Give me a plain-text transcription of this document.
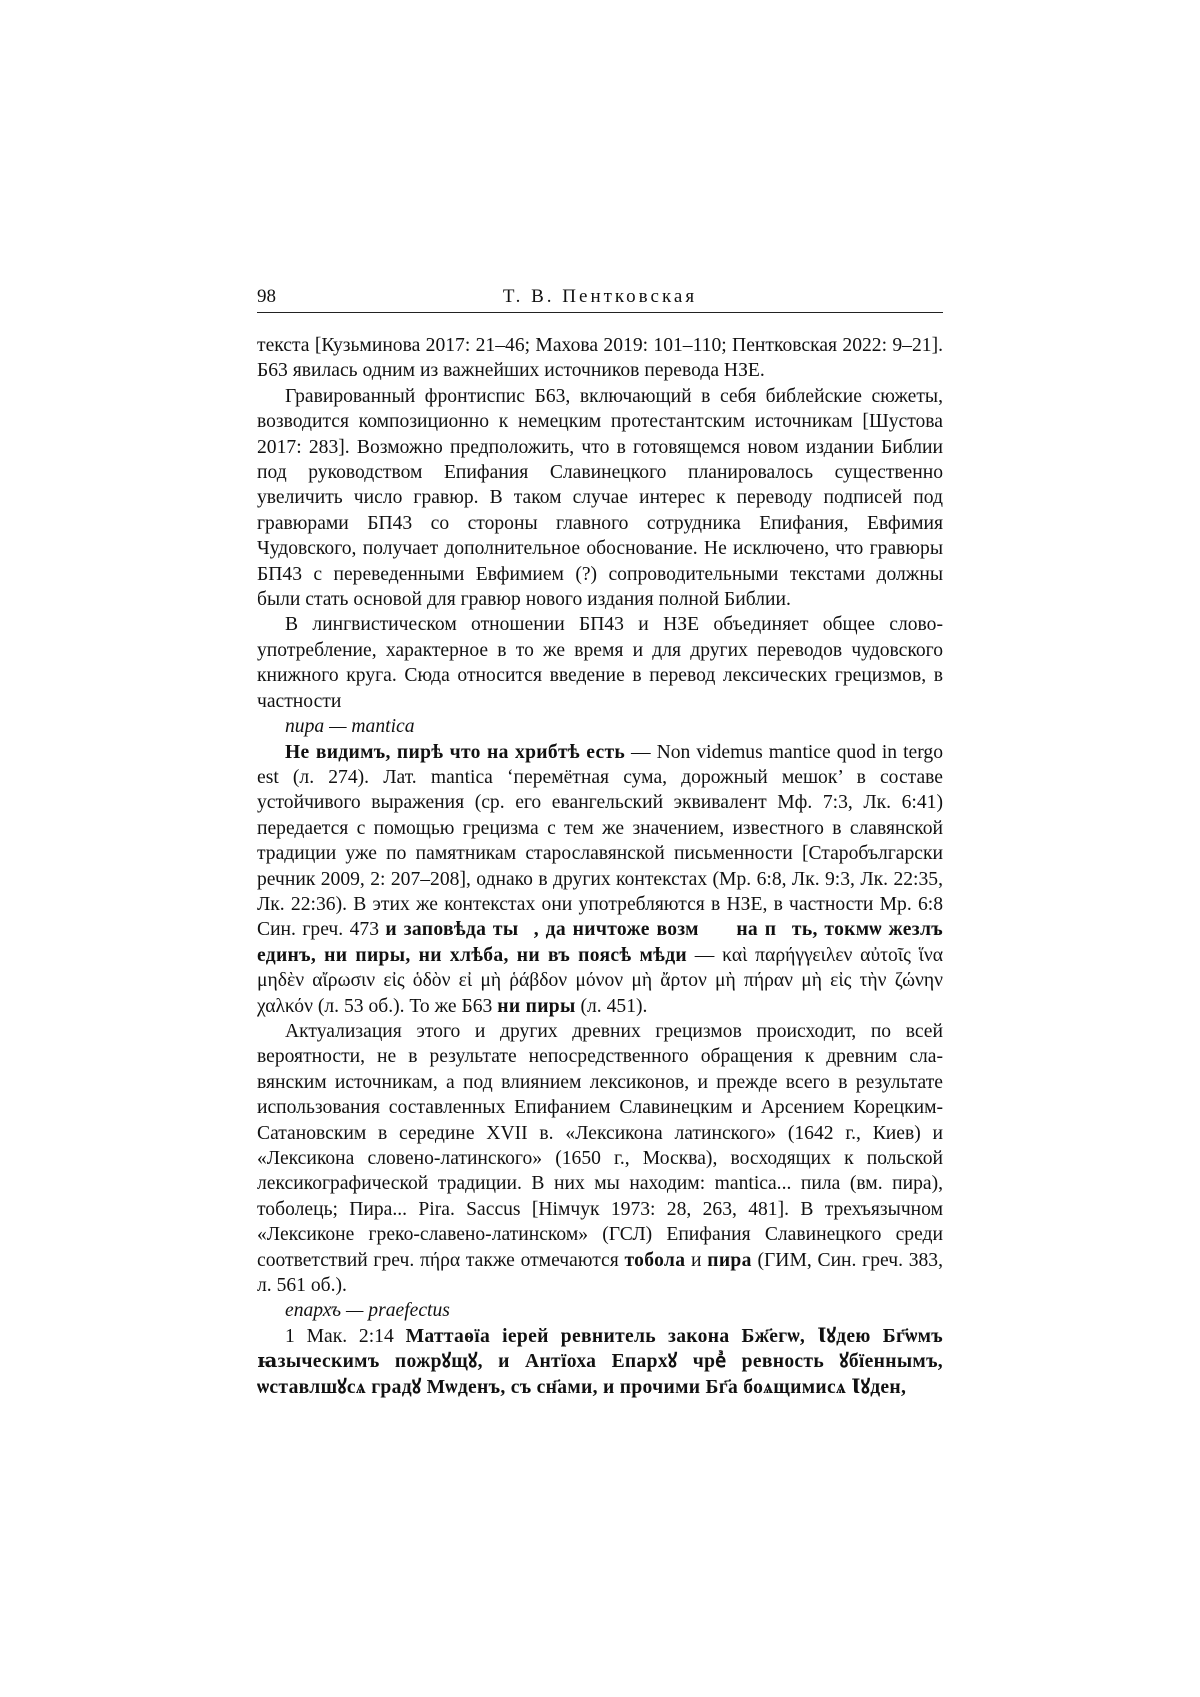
98	Т. В. Пентковская

текста [Кузьминова 2017: 21–46; Махова 2019: 101–110; Пентковская 2022: 9–21]. Б63 явилась одним из важнейших источников перевода НЗЕ.

Гравированный фронтиспис Б63, включающий в себя библейские сюжеты, возводится композиционно к немецким протестантским источникам [Шустова 2017: 283]. Возможно предположить, что в готовящемся новом издании Библии под руководством Епифания Славинецкого планировалось существенно увеличить число гравюр. В таком случае интерес к переводу подписей под гравюрами БП43 со стороны главного сотрудника Епифания, Евфимия Чудовского, получает дополнительное обоснование. Не исключено, что гравюры БП43 с переведенными Евфимием (?) сопроводительными текстами должны были стать основой для гравюр нового издания полной Библии.

В лингвистическом отношении БП43 и НЗЕ объединяет общее словоупотребление, характерное в то же время и для других переводов чудовского книжного круга. Сюда относится введение в перевод лексических грецизмов, в частности

пира — mantica

Не видимъ, пирѣ что на хрибтѣ есть — Non videmus mantice quod in tergo est (л. 274). Лат. mantica ‘перемётная сума, дорожный мешок’ в составе устойчивого выражения (ср. его евангельский эквивалент Мф. 7:3, Лк. 6:41) передается с помощью грецизма с тем же значением, известного в славянской традиции уже по памятникам старославянской письменности [Старобългарски речник 2009, 2: 207–208], однако в других контекстах (Мр. 6:8, Лк. 9:3, Лк. 22:35, Лк. 22:36). В этих же контекстах они употребляются в НЗЕ, в частности Мр. 6:8 Син. греч. 473 и заповѣда тыⷨ, да ничтоже возмꙋⷮ на пꙋть, токмѡ жезлъ единъ, ни пиры, ни хлѣба, ни въ поясѣ мѣди — καὶ παρήγγειλεν αὐτοῖς ἵνα μηδὲν αἴρωσιν εἰς ὁδὸν εἰ μὴ ῥάβδον μόνον μὴ ἄρτον μὴ πήραν μὴ εἰς τὴν ζώνην χαλκόν (л. 53 об.). То же Б63 ни пиры (л. 451).

Актуализация этого и других древних грецизмов происходит, по всей вероятности, не в результате непосредственного обращения к древним славянским источникам, а под влиянием лексиконов, и прежде всего в результате использования составленных Епифанием Славинецким и Арсением Корецким-Сатановским в середине XVII в. «Лексикона латинского» (1642 г., Киев) и «Лексикона словено-латинского» (1650 г., Москва), восходящих к польской лексикографической традиции. В них мы находим: mantica... пила (вм. пира), тоболець; Пира... Pira. Saccus [Німчук 1973: 28, 263, 481]. В трехъязычном «Лексиконе греко-славено-латинском» (ГСЛ) Епифания Славинецкого среди соответствий греч. πήρα также отмечаются тобола и пира (ГИМ, Син. греч. 383, л. 561 об.).

епархъ — praefectus

1 Мак. 2:14 Маттаѳїа iерей ревнитель закона Бж҃егѡ, Ꙇꙋдею Бг҃ѡмъ ꙗзыческимъ пожрꙋщꙋ, и Антїоха Епархꙋ чреⷥ ревность ꙋбїеннымъ, ѡставлшꙋсѧ градꙋ Мѡденъ, съ сн҃ами, и прочими Бг҃а боѧщимисѧ Ꙇꙋден,
